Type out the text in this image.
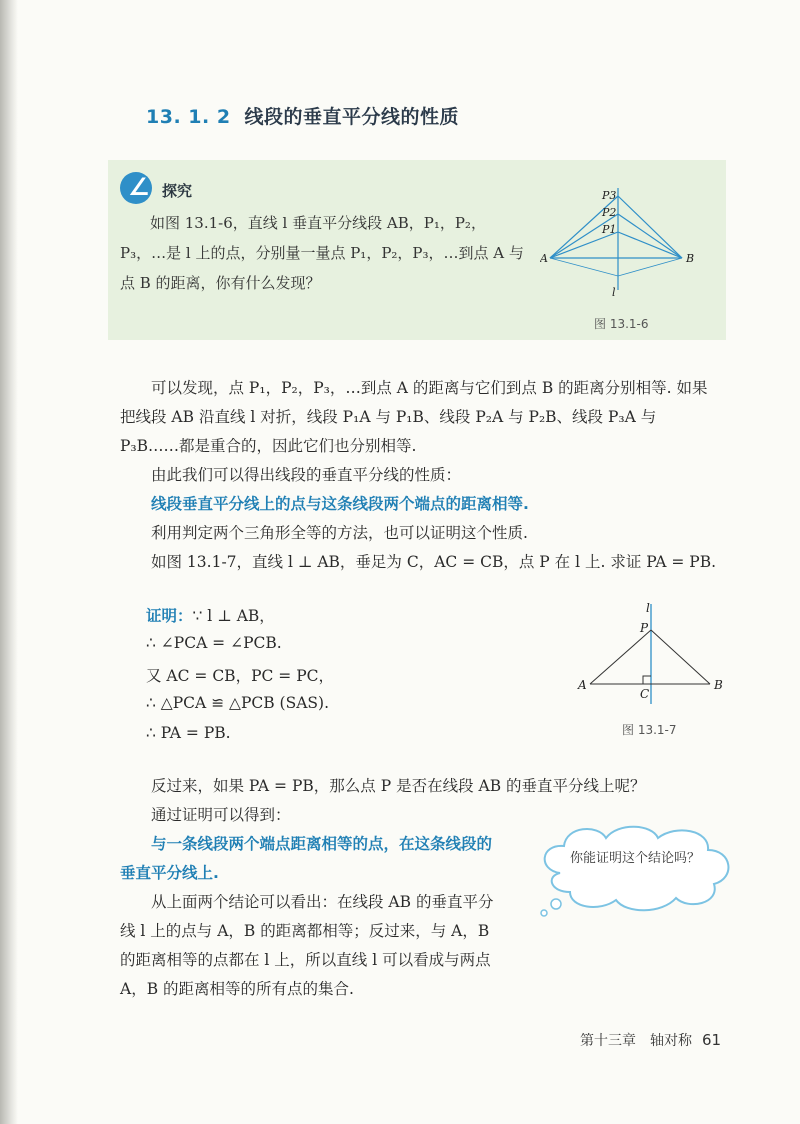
13. 1. 2 线段的垂直平分线的性质
∠ 探究

如图 13.1-6，直线 l 垂直平分线段 AB，P₁，P₂，P₃，…是 l 上的点，分别量一量点 P₁，P₂，P₃，…到点 A 与点 B 的距离，你有什么发现？

P3
P2
P1
A	B
l
图 13.1-6

可以发现，点 P₁，P₂，P₃，…到点 A 的距离与它们到点 B 的距离分别相等. 如果把线段 AB 沿直线 l 对折，线段 P₁A 与 P₁B、线段 P₂A 与 P₂B、线段 P₃A 与 P₃B……都是重合的，因此它们也分别相等.

由此我们可以得出线段的垂直平分线的性质：

线段垂直平分线上的点与这条线段两个端点的距离相等.

利用判定两个三角形全等的方法，也可以证明这个性质.

如图 13.1-7，直线 l ⊥ AB，垂足为 C，AC = CB，点 P 在 l 上. 求证 PA = PB.

证明：∵ l ⊥ AB，

∴ ∠PCA = ∠PCB.

又 AC = CB，PC = PC，

∴ △PCA ≌ △PCB (SAS).

∴ PA = PB.

l
P
A	B
C
图 13.1-7

反过来，如果 PA = PB，那么点 P 是否在线段 AB 的垂直平分线上呢？

通过证明可以得到：

与一条线段两个端点距离相等的点，在这条线段的垂直平分线上.

从上面两个结论可以看出：在线段 AB 的垂直平分线 l 上的点与 A，B 的距离都相等；反过来，与 A，B 的距离相等的点都在 l 上，所以直线 l 可以看成与两点 A，B 的距离相等的所有点的集合.

你能证明这个结论吗？
第十三章　轴对称 61
